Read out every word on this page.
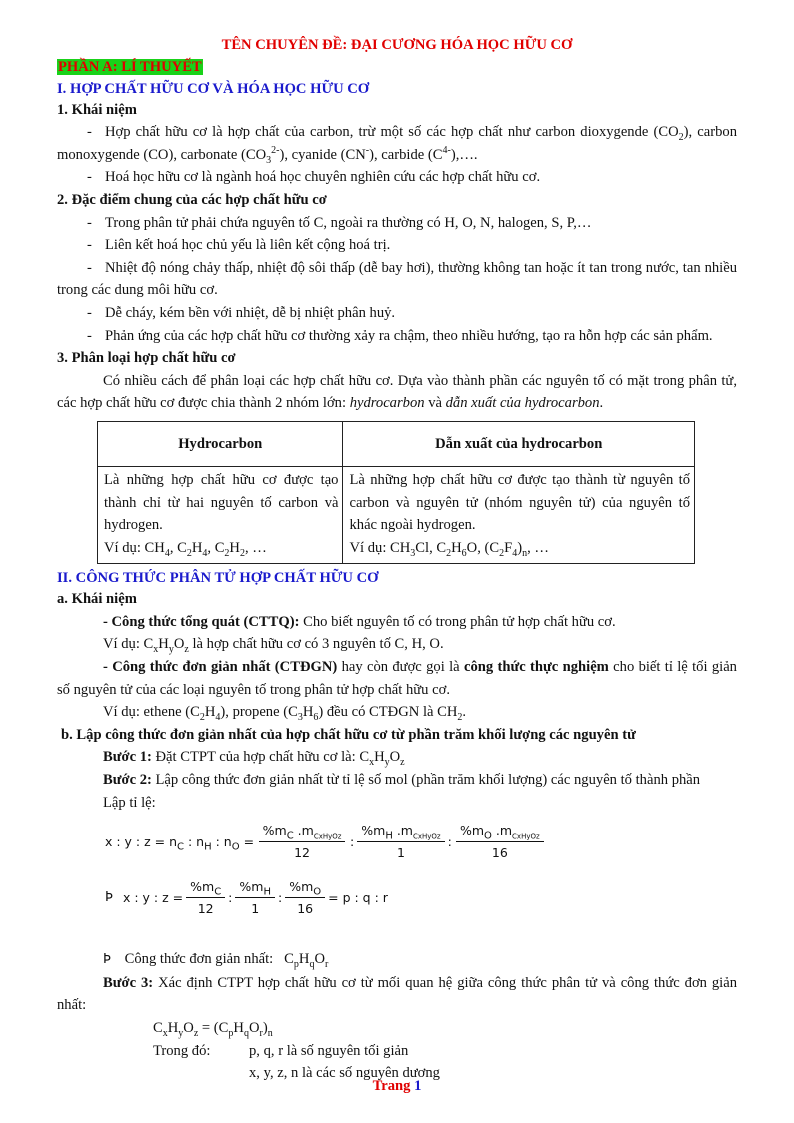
TÊN CHUYÊN ĐỀ: ĐẠI CƯƠNG HÓA HỌC HỮU CƠ
PHẦN A: LÍ THUYẾT
I. HỢP CHẤT HỮU CƠ VÀ HÓA HỌC HỮU CƠ
1. Khái niệm
- Hợp chất hữu cơ là hợp chất của carbon, trừ một số các hợp chất như carbon dioxygende $(CO_2)$, carbon monoxygende (CO), carbonate $(CO_3^{2-})$, cyanide (CN-), carbide $(C^{4-}),\dots$.
- Hoá học hữu cơ là ngành hoá học chuyên nghiên cứu các hợp chất hữu cơ.
2. Đặc điểm chung của các hợp chất hữu cơ
- Trong phân tử phải chứa nguyên tố C, ngoài ra thường có H, O, N, halogen, S, P,…
- Liên kết hoá học chủ yếu là liên kết cộng hoá trị.
- Nhiệt độ nóng chảy thấp, nhiệt độ sôi thấp (dễ bay hơi), thường không tan hoặc ít tan trong nước, tan nhiều trong các dung môi hữu cơ.
- Dễ cháy, kém bền với nhiệt, dễ bị nhiệt phân huỷ.
- Phản ứng của các hợp chất hữu cơ thường xảy ra chậm, theo nhiều hướng, tạo ra hỗn hợp các sản phẩm.
3. Phân loại hợp chất hữu cơ
Có nhiều cách để phân loại các hợp chất hữu cơ. Dựa vào thành phần các nguyên tố có mặt trong phân tử, các hợp chất hữu cơ được chia thành 2 nhóm lớn: hydrocarbon và dẫn xuất của hydrocarbon.
Hydrocarbon	Dẫn xuất của hydrocarbon
Là những hợp chất hữu cơ được tạo thành chỉ từ hai nguyên tố carbon và hydrogen.
Ví dụ: $CH_4$, $C_2H_4$, $C_2H_2$, …	Là những hợp chất hữu cơ được tạo thành từ nguyên tố carbon và nguyên tử (nhóm nguyên tử) của nguyên tố khác ngoài hydrogen.
Ví dụ: $CH_3Cl$, $C_2H_6O$, $(C_2F_4)_n$, …
II. CÔNG THỨC PHÂN TỬ HỢP CHẤT HỮU CƠ
a. Khái niệm
- Công thức tổng quát (CTTQ): Cho biết nguyên tố có trong phân tử hợp chất hữu cơ.
Ví dụ: $C_xH_yO_z$ là hợp chất hữu cơ có 3 nguyên tố C, H, O.
- Công thức đơn giản nhất (CTĐGN) hay còn được gọi là công thức thực nghiệm cho biết tỉ lệ tối giản số nguyên tử của các loại nguyên tố trong phân tử hợp chất hữu cơ.
Ví dụ: ethene $(C_2H_4)$, propene $(C_3H_6)$ đều có CTĐGN là $CH_2$.
b. Lập công thức đơn giản nhất của hợp chất hữu cơ từ phần trăm khối lượng các nguyên tử
Bước 1: Đặt CTPT của hợp chất hữu cơ là: $C_xH_yO_z$
Bước 2: Lập công thức đơn giản nhất từ tỉ lệ số mol (phần trăm khối lượng) các nguyên tố thành phần
Lập tỉ lệ:
x : y : $z = n_C$ : $n_H$ : $n_O = \frac{\%m_C .m_{CxHyOz}}{12}$ : $\frac{\%m_H .m_{CxHyOz}}{1}$ : $\frac{\%m_O .m_{CxHyOz}}{16}$
Þ x : y : $z = \frac{\%m_C}{12}$ : $\frac{\%m_H}{1}$ : $\frac{\%m_O}{16} = p$ : q : r
Þ Công thức đơn giản nhất:   $C_pH_qO_r$
Bước 3: Xác định CTPT hợp chất hữu cơ từ mối quan hệ giữa công thức phân tử và công thức đơn giản nhất:
$C_xH_yO_z = (C_pH_qO_r)_n$
Trong đó:	p, q, r là số nguyên tối giản
x, y, z, n là các số nguyên dương
Trang 1
